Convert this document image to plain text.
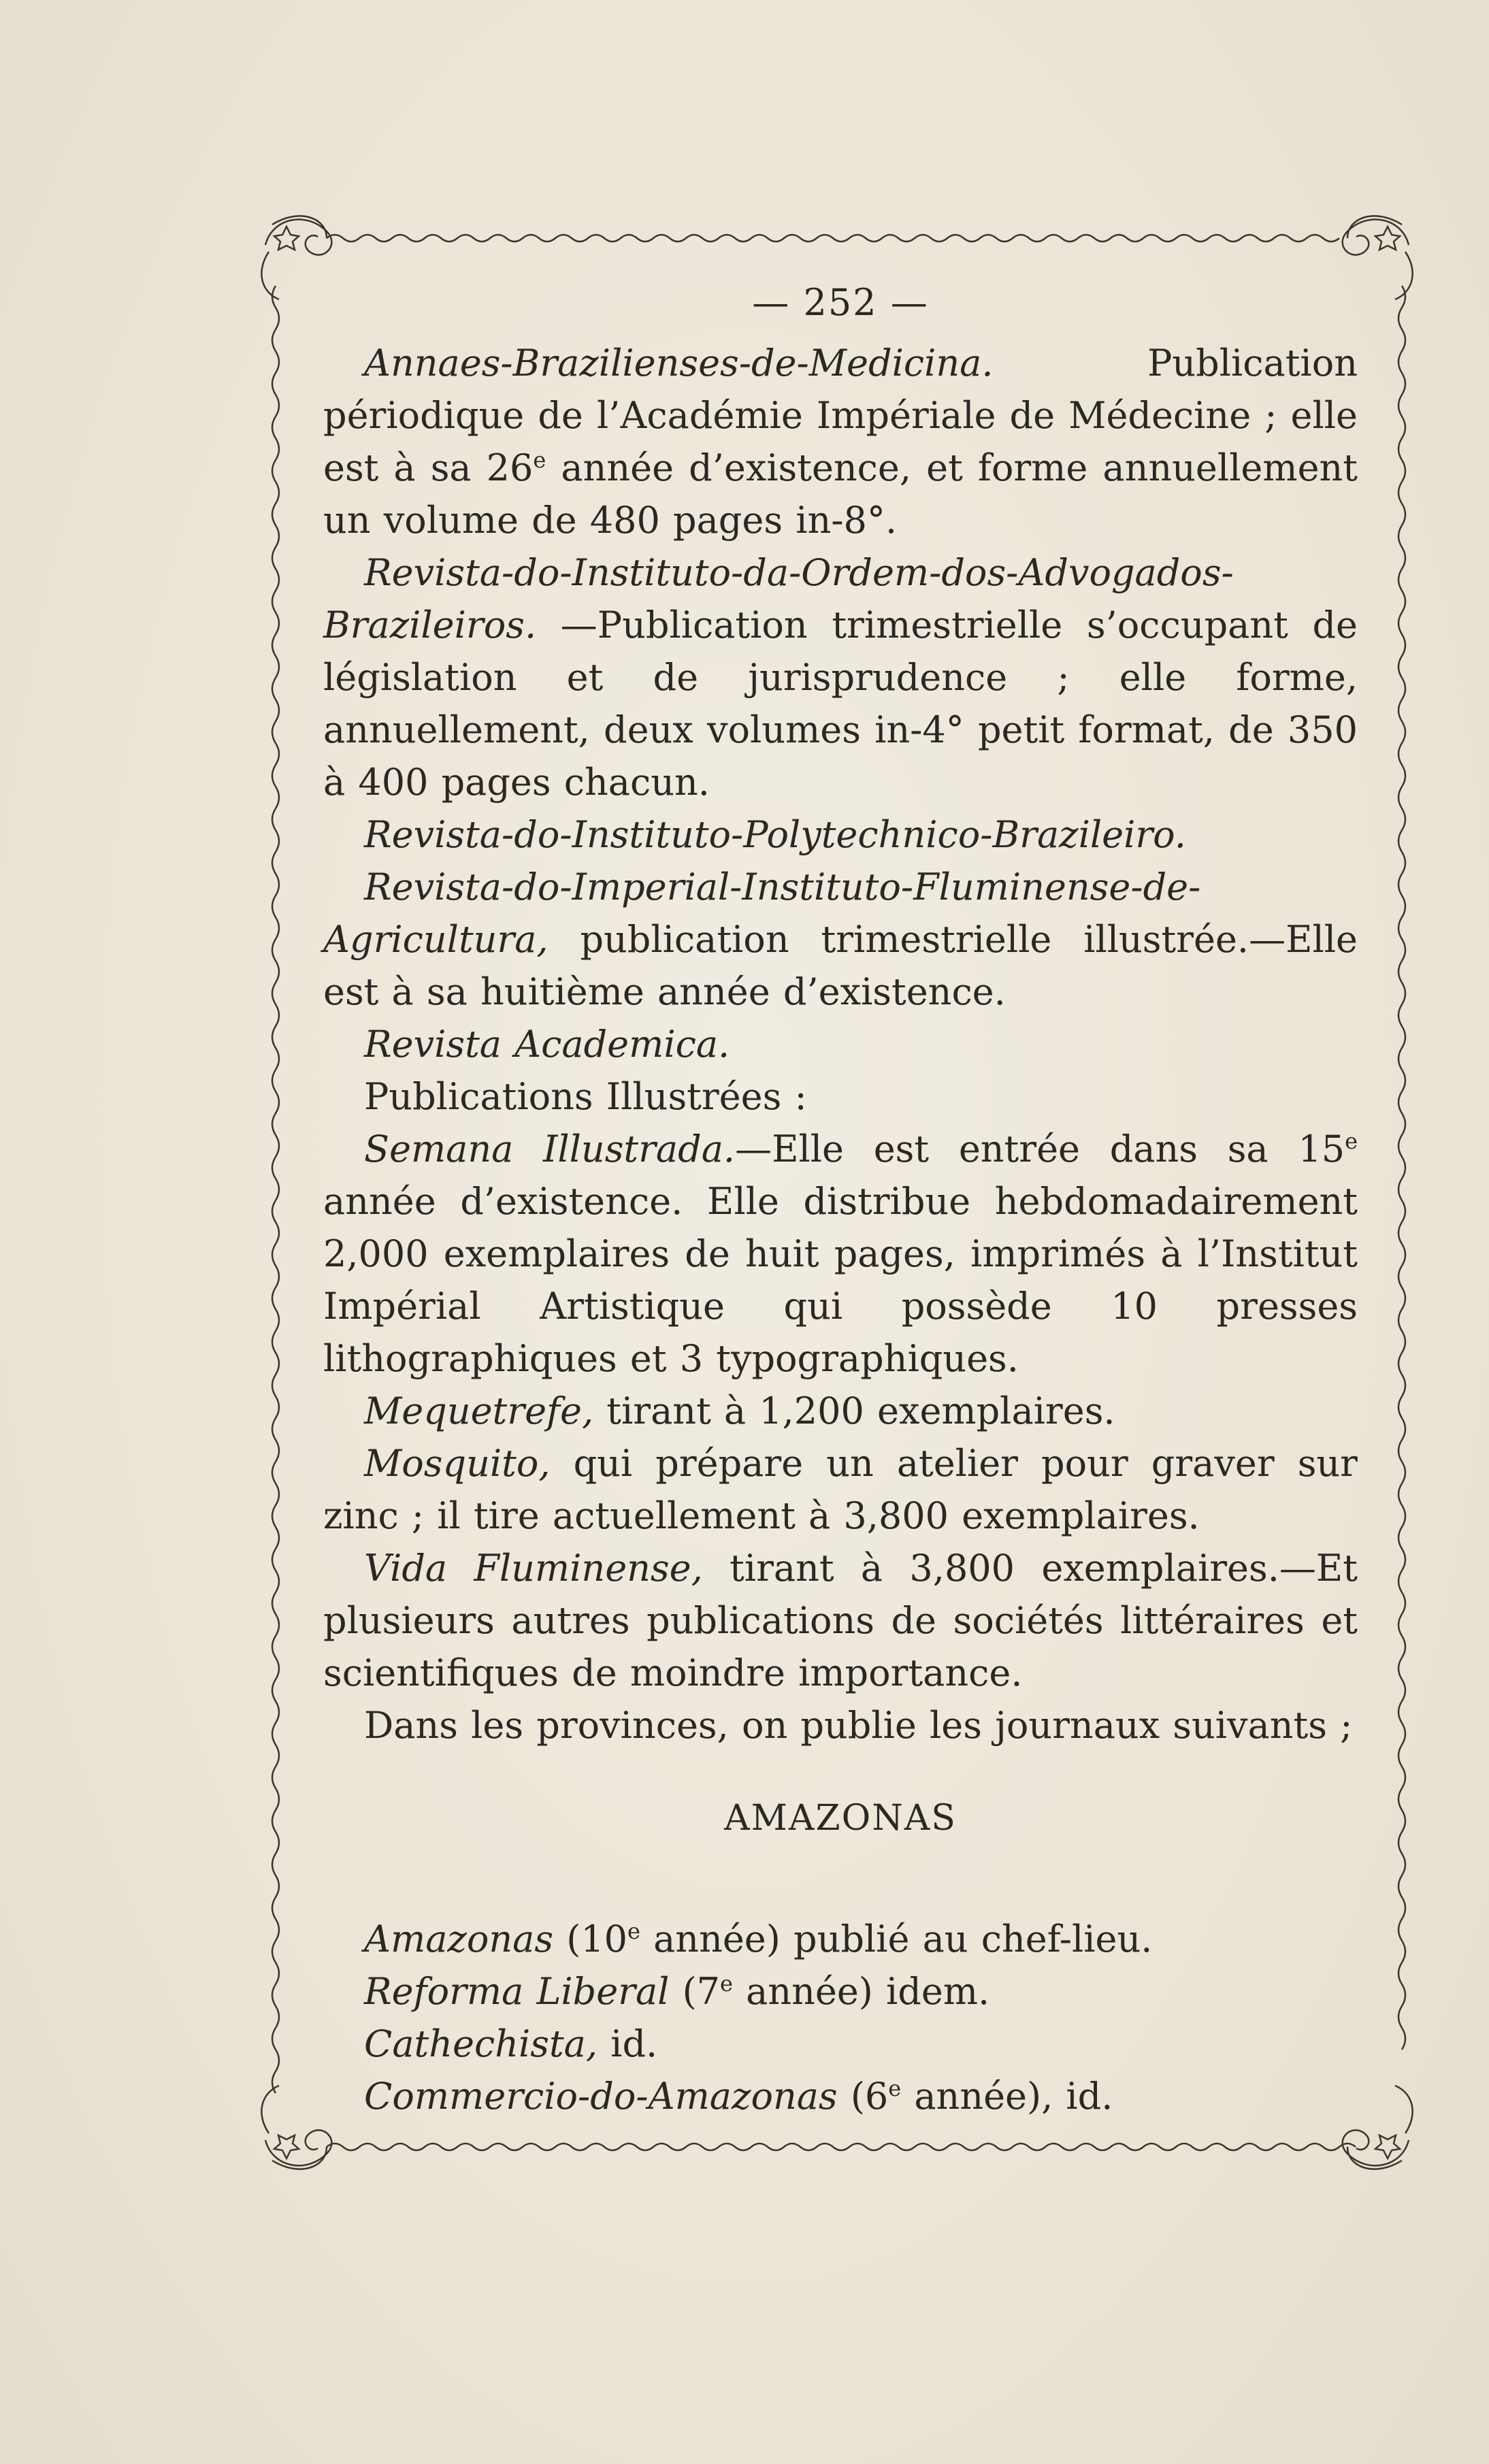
— 252 —

Annaes-Brazilienses-de-Medicina. Publication périodique de l’Académie Impériale de Médecine ; elle est à sa 26e année d’existence, et forme annuellement un volume de 480 pages in-8°.

Revista-do-Instituto-da-Ordem-dos-Advogados-Brazileiros. —Publication trimestrielle s’occupant de législation et de jurisprudence ; elle forme, annuellement, deux volumes in-4° petit format, de 350 à 400 pages chacun.

Revista-do-Instituto-Polytechnico-Brazileiro.

Revista-do-Imperial-Instituto-Fluminense-de-Agricultura, publication trimestrielle illustrée.—Elle est à sa huitième année d’existence.

Revista Academica.

Publications Illustrées :

Semana Illustrada.—Elle est entrée dans sa 15e année d’existence. Elle distribue hebdomadairement 2,000 exemplaires de huit pages, imprimés à l’Institut Impérial Artistique qui possède 10 presses lithographiques et 3 typographiques.

Mequetrefe, tirant à 1,200 exemplaires.

Mosquito, qui prépare un atelier pour graver sur zinc ; il tire actuellement à 3,800 exemplaires.

Vida Fluminense, tirant à 3,800 exemplaires.—Et plusieurs autres publications de sociétés littéraires et scientifiques de moindre importance.

Dans les provinces, on publie les journaux suivants ;

AMAZONAS

Amazonas (10e année) publié au chef-lieu.

Reforma Liberal (7e année) idem.

Cathechista, id.

Commercio-do-Amazonas (6e année), id.
